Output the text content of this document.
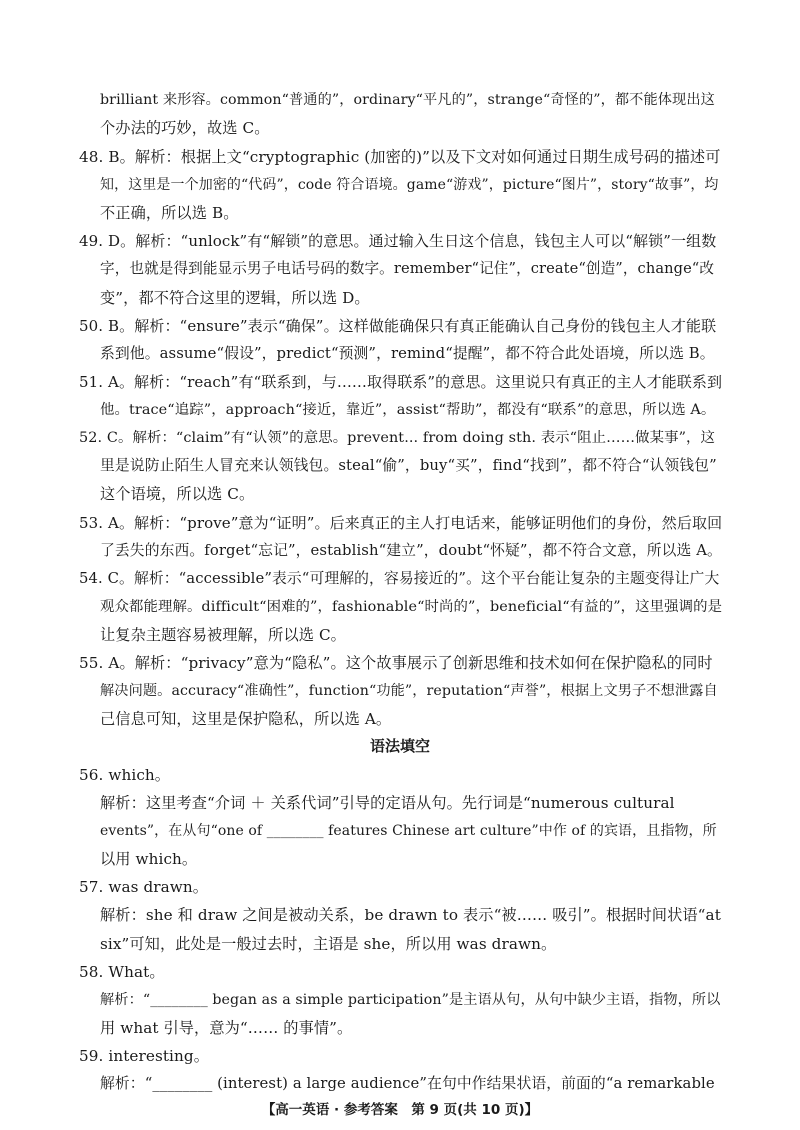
brilliant 来形容。common“普通的”，ordinary“平凡的”，strange“奇怪的”，都不能体现出这
个办法的巧妙，故选 C。
48. B。解析：根据上文“cryptographic (加密的)”以及下文对如何通过日期生成号码的描述可
知，这里是一个加密的“代码”，code 符合语境。game“游戏”，picture“图片”，story“故事”，均
不正确，所以选 B。
49. D。解析：“unlock”有“解锁”的意思。通过输入生日这个信息，钱包主人可以“解锁”一组数
字，也就是得到能显示男子电话号码的数字。remember“记住”，create“创造”，change“改
变”，都不符合这里的逻辑，所以选 D。
50. B。解析：“ensure”表示“确保”。这样做能确保只有真正能确认自己身份的钱包主人才能联
系到他。assume“假设”，predict“预测”，remind“提醒”，都不符合此处语境，所以选 B。
51. A。解析：“reach”有“联系到，与……取得联系”的意思。这里说只有真正的主人才能联系到
他。trace“追踪”，approach“接近，靠近”，assist“帮助”，都没有“联系”的意思，所以选 A。
52. C。解析：“claim”有“认领”的意思。prevent... from doing sth. 表示“阻止……做某事”，这
里是说防止陌生人冒充来认领钱包。steal“偷”，buy“买”，find“找到”，都不符合“认领钱包”
这个语境，所以选 C。
53. A。解析：“prove”意为“证明”。后来真正的主人打电话来，能够证明他们的身份，然后取回
了丢失的东西。forget“忘记”，establish“建立”，doubt“怀疑”，都不符合文意，所以选 A。
54. C。解析：“accessible”表示“可理解的，容易接近的”。这个平台能让复杂的主题变得让广大
观众都能理解。difficult“困难的”，fashionable“时尚的”，beneficial“有益的”，这里强调的是
让复杂主题容易被理解，所以选 C。
55. A。解析：“privacy”意为“隐私”。这个故事展示了创新思维和技术如何在保护隐私的同时
解决问题。accuracy“准确性”，function“功能”，reputation“声誉”，根据上文男子不想泄露自
己信息可知，这里是保护隐私，所以选 A。
语法填空
56. which。
解析：这里考查“介词 ＋ 关系代词”引导的定语从句。先行词是“numerous cultural
events”，在从句“one of ________ features Chinese art culture”中作 of 的宾语，且指物，所
以用 which。
57. was drawn。
解析：she 和 draw 之间是被动关系，be drawn to 表示“被…… 吸引”。根据时间状语“at
six”可知，此处是一般过去时，主语是 she，所以用 was drawn。
58. What。
解析：“________ began as a simple participation”是主语从句，从句中缺少主语，指物，所以
用 what 引导，意为“…… 的事情”。
59. interesting。
解析：“________ (interest) a large audience”在句中作结果状语，前面的“a remarkable
【高一英语 · 参考答案　第 9 页(共 10 页)】
